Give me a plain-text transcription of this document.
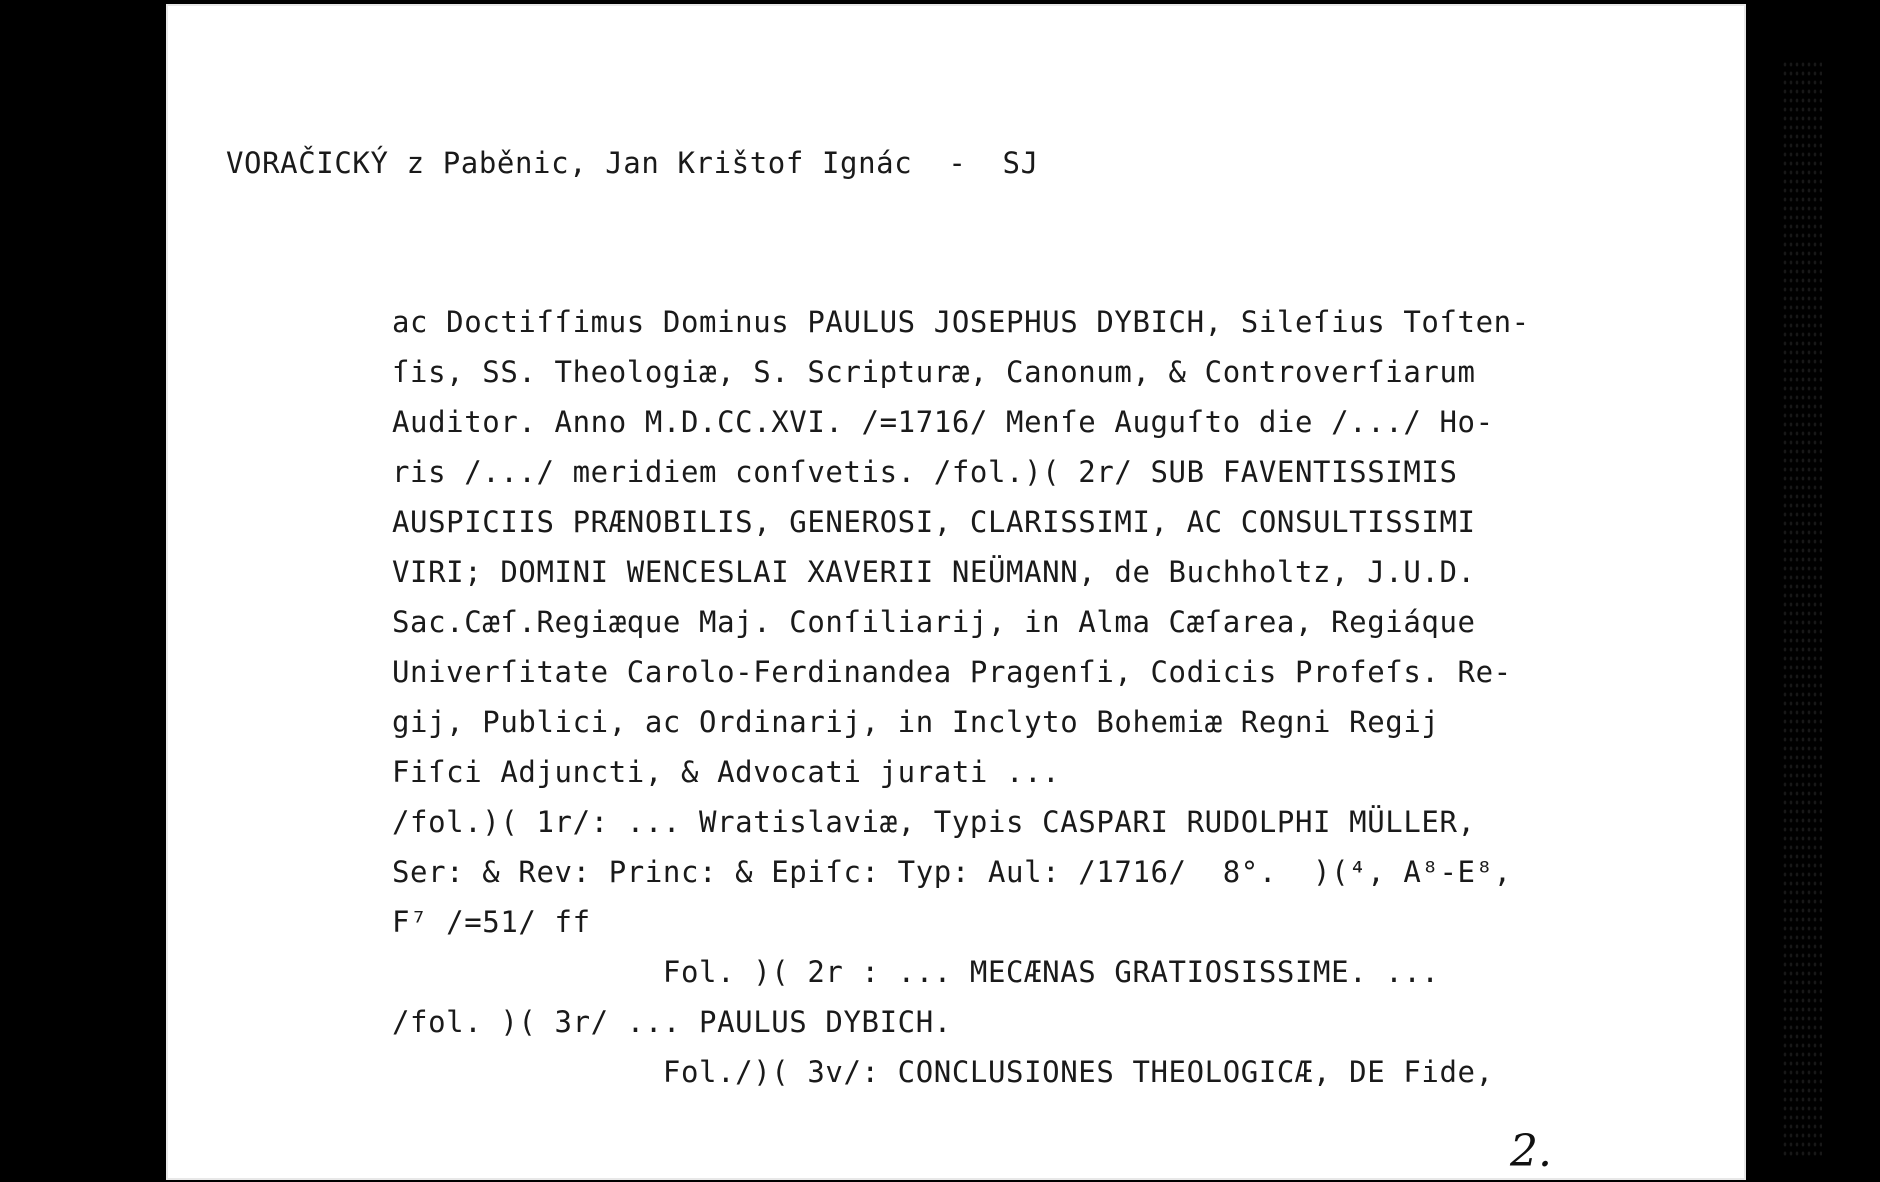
VORAČICKÝ z Paběnic, Jan Krištof Ignác  -  SJ
ac Doctiſſimus Dominus PAULUS JOSEPHUS DYBICH, Sileſius Toſten-
ſis, SS. Theologiæ, S. Scripturæ, Canonum, & Controverſiarum
Auditor. Anno M.D.CC.XVI. /=1716/ Menſe Auguſto die /.../ Ho-
ris /.../ meridiem conſvetis. /fol.)( 2r/ SUB FAVENTISSIMIS
AUSPICIIS PRÆNOBILIS, GENEROSI, CLARISSIMI, AC CONSULTISSIMI
VIRI; DOMINI WENCESLAI XAVERII NEÜMANN, de Buchholtz, J.U.D.
Sac.Cæſ.Regiæque Maj. Conſiliarij, in Alma Cæſarea, Regiáque
Univerſitate Carolo-Ferdinandea Pragenſi, Codicis Profeſs. Re-
gij, Publici, ac Ordinarij, in Inclyto Bohemiæ Regni Regij
Fiſci Adjuncti, & Advocati jurati ...
/fol.)( 1r/: ... Wratislaviæ, Typis CASPARI RUDOLPHI MÜLLER,
Ser: & Rev: Princ: & Epiſc: Typ: Aul: /1716/  8°.  )(⁴, A⁸-E⁸,
F⁷ /=51/ ff
Fol. )( 2r : ... MECÆNAS GRATIOSISSIME. ...
/fol. )( 3r/ ... PAULUS DYBICH.
Fol./)( 3v/: CONCLUSIONES THEOLOGICÆ, DE Fide,
2.
